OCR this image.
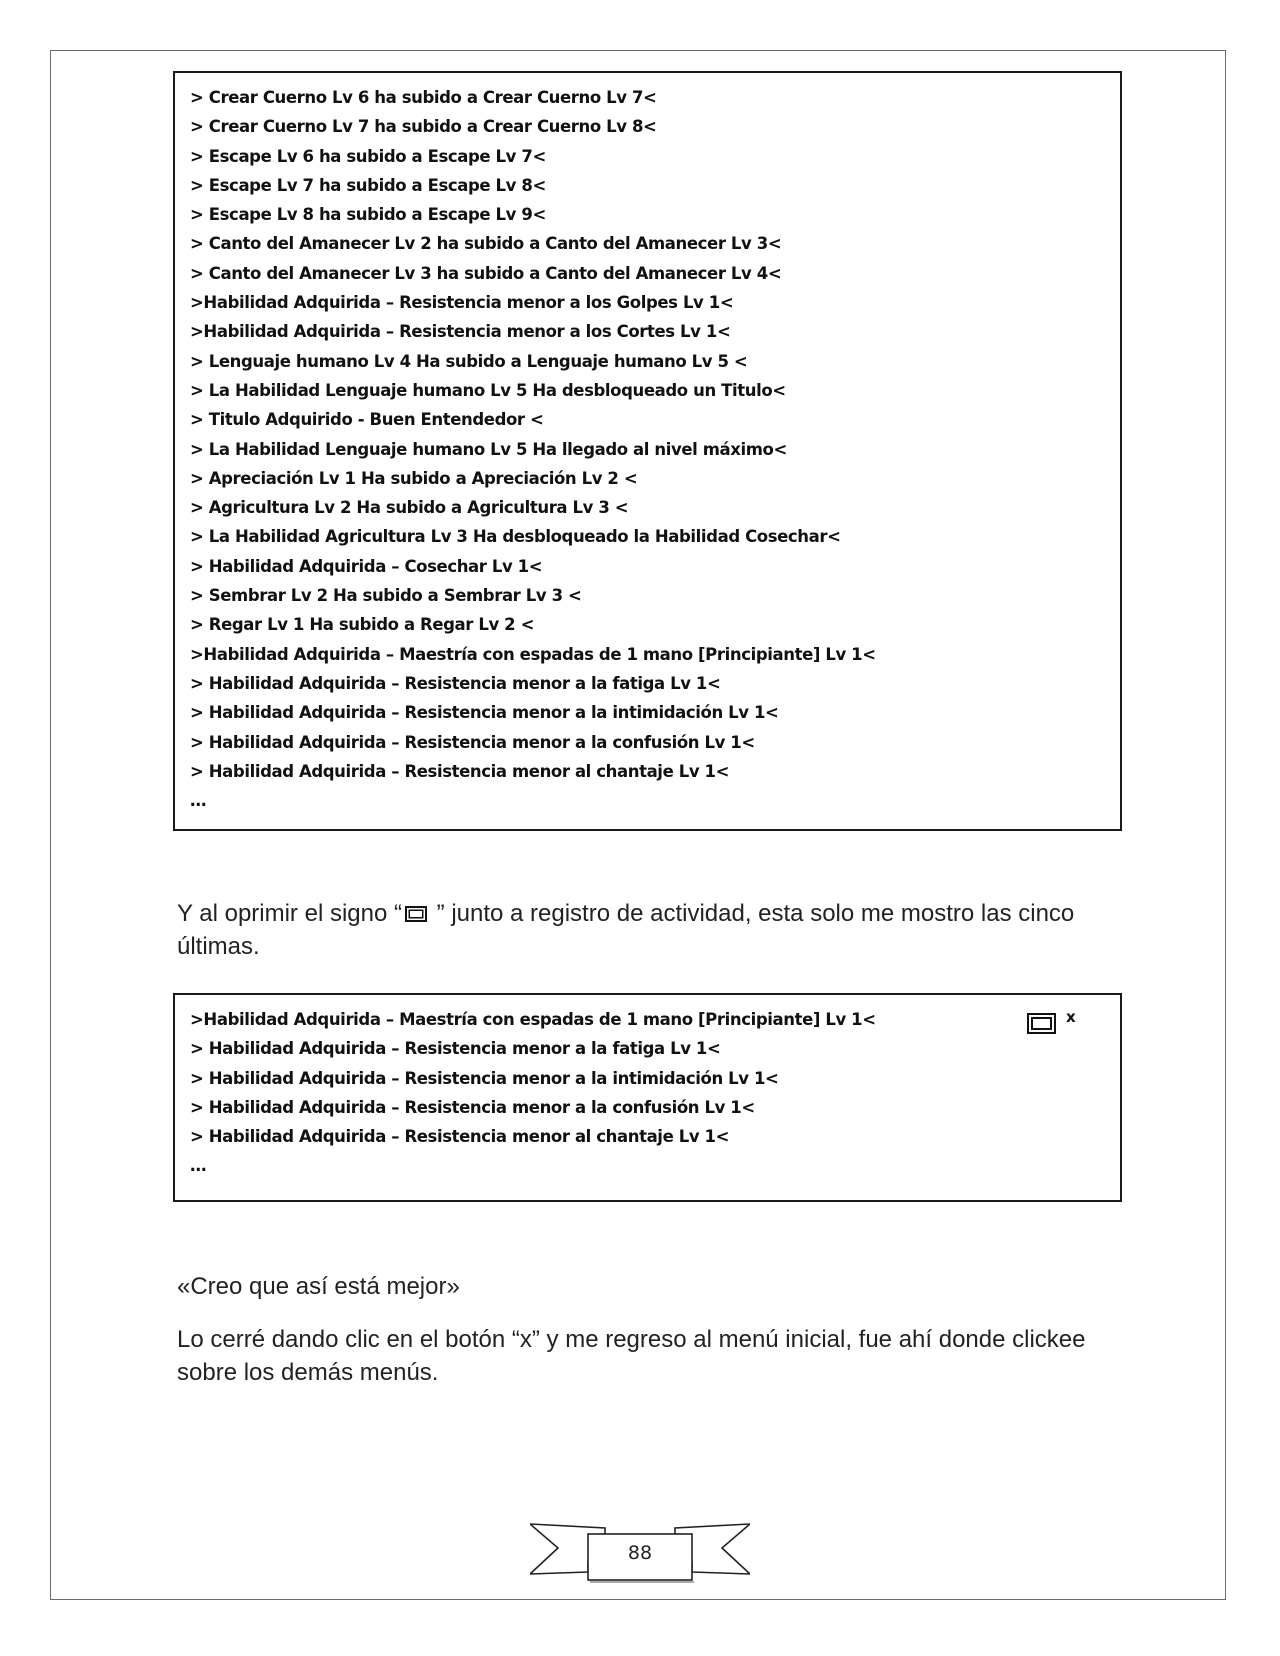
> Crear Cuerno Lv 6 ha subido a Crear Cuerno Lv 7<
> Crear Cuerno Lv 7 ha subido a Crear Cuerno Lv 8<
> Escape Lv 6 ha subido a Escape Lv 7<
> Escape Lv 7 ha subido a Escape Lv 8<
> Escape Lv 8 ha subido a Escape Lv 9<
> Canto del Amanecer Lv 2 ha subido a Canto del Amanecer Lv 3<
> Canto del Amanecer Lv 3 ha subido a Canto del Amanecer Lv 4<
>Habilidad Adquirida – Resistencia menor a los Golpes Lv 1<
>Habilidad Adquirida – Resistencia menor a los Cortes Lv 1<
> Lenguaje humano Lv 4 Ha subido a Lenguaje humano Lv 5 <
> La Habilidad Lenguaje humano Lv 5 Ha desbloqueado un Titulo<
> Titulo Adquirido - Buen Entendedor <
> La Habilidad Lenguaje humano Lv 5 Ha llegado al nivel máximo<
> Apreciación Lv 1 Ha subido a Apreciación Lv 2 <
> Agricultura Lv 2 Ha subido a Agricultura Lv 3 <
> La Habilidad Agricultura Lv 3 Ha desbloqueado la Habilidad Cosechar<
> Habilidad Adquirida – Cosechar Lv 1<
> Sembrar Lv 2 Ha subido a Sembrar Lv 3 <
> Regar Lv 1 Ha subido a Regar Lv 2 <
>Habilidad Adquirida – Maestría con espadas de 1 mano [Principiante] Lv 1<
> Habilidad Adquirida – Resistencia menor a la fatiga Lv 1<
> Habilidad Adquirida – Resistencia menor a la intimidación Lv 1<
> Habilidad Adquirida – Resistencia menor a la confusión Lv 1<
> Habilidad Adquirida – Resistencia menor al chantaje Lv 1<
…

Y al oprimir el signo “ ” junto a registro de actividad, esta solo me mostro las cinco últimas.

>Habilidad Adquirida – Maestría con espadas de 1 mano [Principiante] Lv 1<
> Habilidad Adquirida – Resistencia menor a la fatiga Lv 1<
> Habilidad Adquirida – Resistencia menor a la intimidación Lv 1<
> Habilidad Adquirida – Resistencia menor a la confusión Lv 1<
> Habilidad Adquirida – Resistencia menor al chantaje Lv 1<
…
x

«Creo que así está mejor»

Lo cerré dando clic en el botón “x” y me regreso al menú inicial, fue ahí donde clickee sobre los demás menús.

88
